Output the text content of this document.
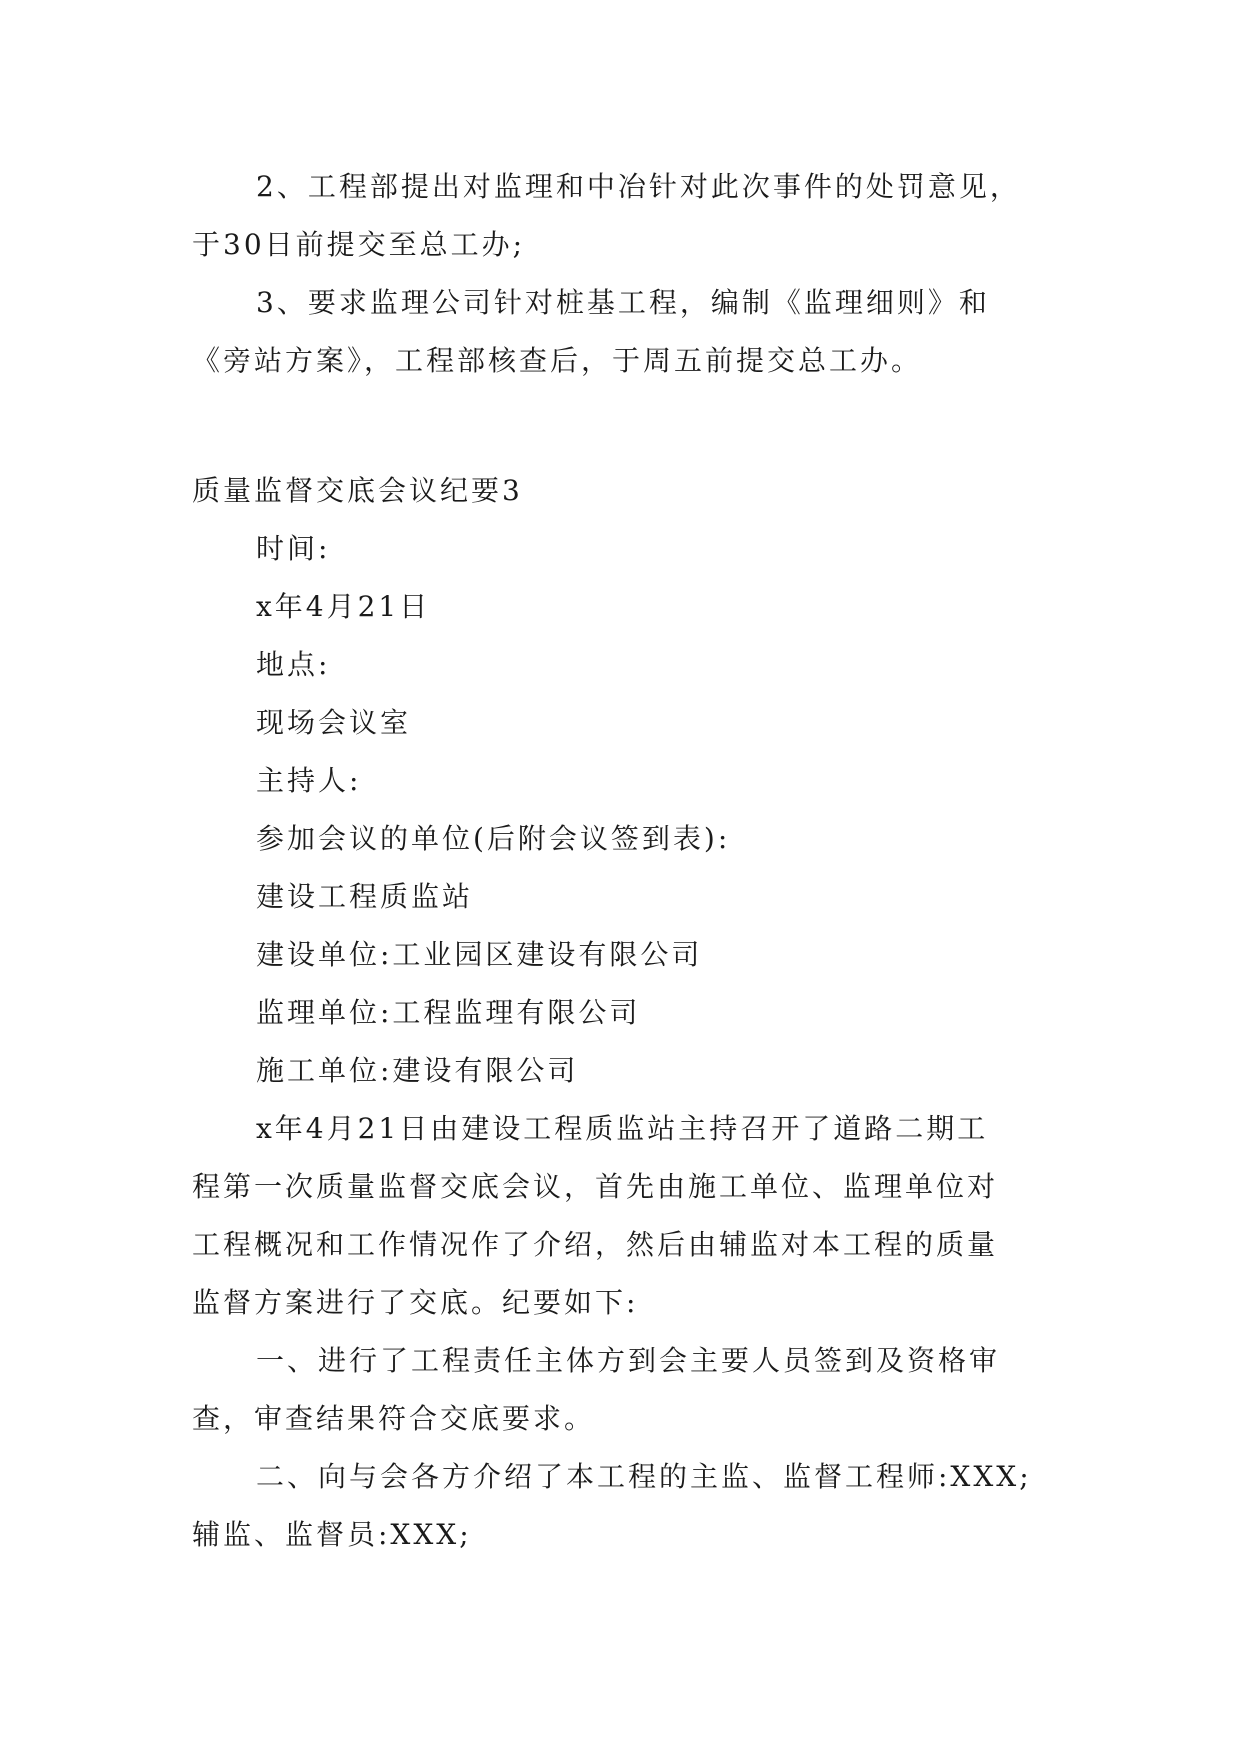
2、工程部提出对监理和中冶针对此次事件的处罚意见，
于30日前提交至总工办;
3、要求监理公司针对桩基工程，编制《监理细则》和
《旁站方案》，工程部核查后，于周五前提交总工办。
质量监督交底会议纪要3
时间:
x年4月21日
地点:
现场会议室
主持人:
参加会议的单位(后附会议签到表):
建设工程质监站
建设单位:工业园区建设有限公司
监理单位:工程监理有限公司
施工单位:建设有限公司
x年4月21日由建设工程质监站主持召开了道路二期工
程第一次质量监督交底会议，首先由施工单位、监理单位对
工程概况和工作情况作了介绍，然后由辅监对本工程的质量
监督方案进行了交底。纪要如下:
一、进行了工程责任主体方到会主要人员签到及资格审
查，审查结果符合交底要求。
二、向与会各方介绍了本工程的主监、监督工程师:XXX;
辅监、监督员:XXX;
